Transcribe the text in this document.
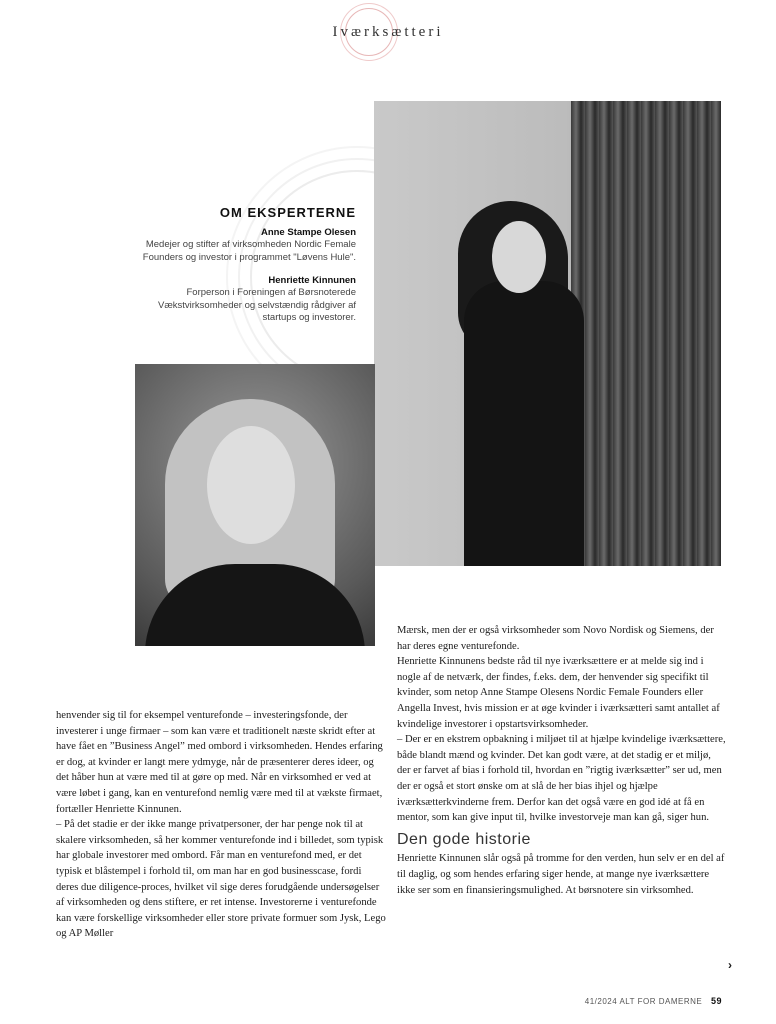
Iværksætteri
OM EKSPERTERNE

Anne Stampe Olesen

Medejer og stifter af virksomheden Nordic Female Founders og investor i programmet "Løvens Hule".

Henriette Kinnunen

Forperson i Foreningen af Børsnoterede Vækstvirksomheder og selvstændig rådgiver af startups og investorer.

henvender sig til for eksempel venturefonde – investeringsfonde, der investerer i unge firmaer – som kan være et traditionelt næste skridt efter at have fået en ”Business Angel” med ombord i virksomheden. Hendes erfaring er dog, at kvinder er langt mere ydmyge, når de præsenterer deres ideer, og det håber hun at være med til at gøre op med. Når en virksomhed er ved at være løbet i gang, kan en venturefond nemlig være med til at vækste firmaet, fortæller Henriette Kinnunen.

– På det stadie er der ikke mange privatpersoner, der har penge nok til at skalere virksomheden, så her kommer venturefonde ind i billedet, som typisk har globale investorer med ombord. Får man en venturefond med, er det typisk et blåstempel i forhold til, om man har en god businesscase, fordi deres due diligence-proces, hvilket vil sige deres forudgående undersøgelser af virksomheden og dens stiftere, er ret intense. Investorerne i venturefonde kan være forskellige virksomheder eller store private formuer som Jysk, Lego og AP Møller

Mærsk, men der er også virksomheder som Novo Nordisk og Siemens, der har deres egne venturefonde.

Henriette Kinnunens bedste råd til nye iværksættere er at melde sig ind i nogle af de netværk, der findes, f.eks. dem, der henvender sig specifikt til kvinder, som netop Anne Stampe Olesens Nordic Female Founders eller Angella Invest, hvis mission er at øge kvinder i iværksætteri samt antallet af kvindelige investorer i opstartsvirksomheder.

– Der er en ekstrem opbakning i miljøet til at hjælpe kvindelige iværksættere, både blandt mænd og kvinder. Det kan godt være, at det stadig er et miljø, der er farvet af bias i forhold til, hvordan en ”rigtig iværksætter” ser ud, men der er også et stort ønske om at slå de her bias ihjel og hjælpe iværksætterkvinderne frem. Derfor kan det også være en god idé at få en mentor, som kan give input til, hvilke investorveje man kan gå, siger hun.

Den gode historie

Henriette Kinnunen slår også på tromme for den verden, hun selv er en del af til daglig, og som hendes erfaring siger hende, at mange nye iværksættere ikke ser som en finansieringsmulighed. At børsnotere sin virksomhed.

›
41/2024 ALT FOR DAMERNE 59
